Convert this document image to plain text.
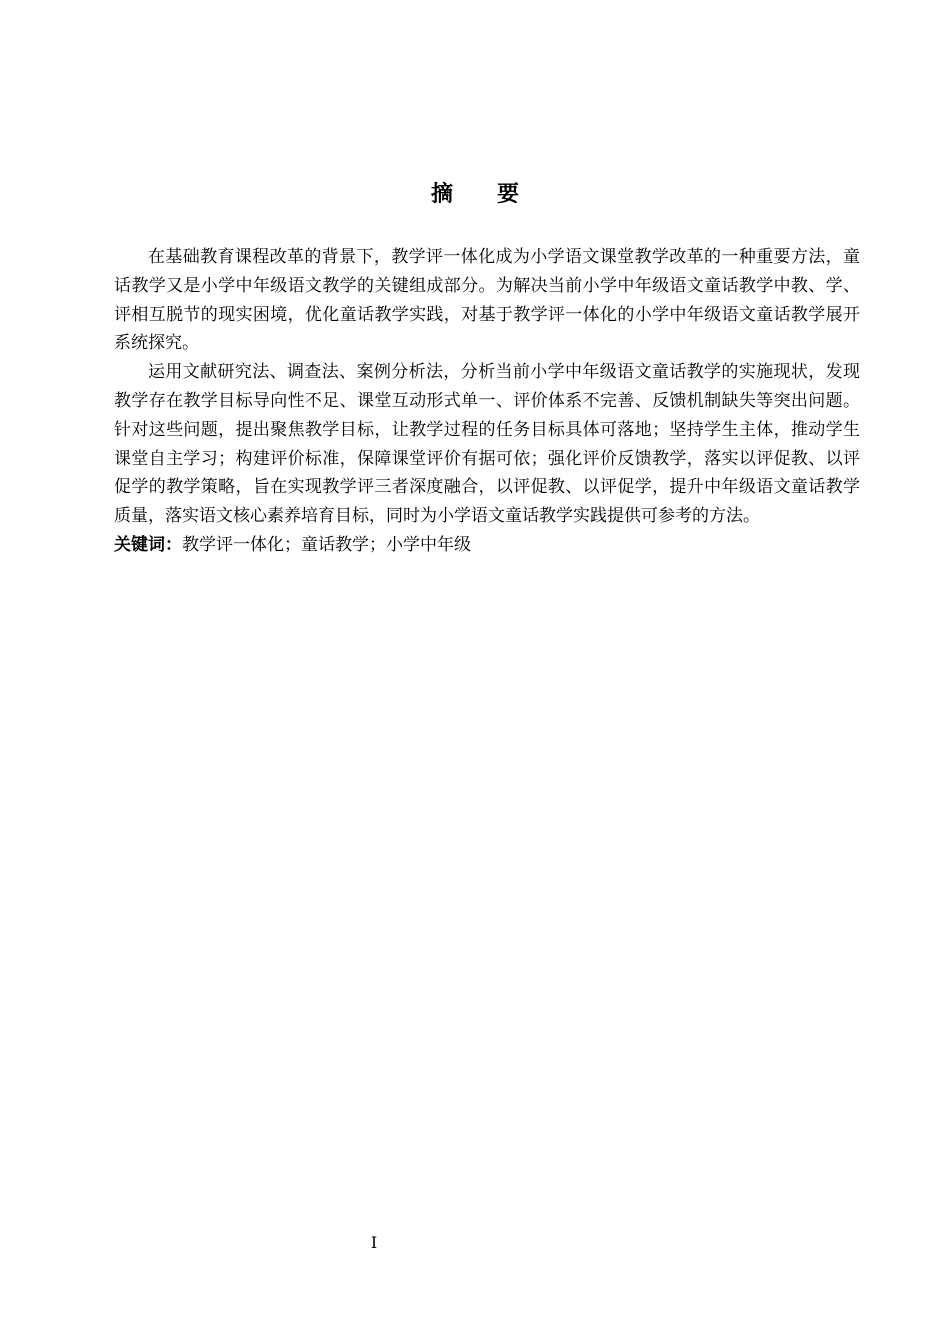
摘要

在基础教育课程改革的背景下，教学评一体化成为小学语文课堂教学改革的一种重要方法，童话教学又是小学中年级语文教学的关键组成部分。为解决当前小学中年级语文童话教学中教、学、评相互脱节的现实困境，优化童话教学实践，对基于教学评一体化的小学中年级语文童话教学展开系统探究。

运用文献研究法、调查法、案例分析法，分析当前小学中年级语文童话教学的实施现状，发现教学存在教学目标导向性不足、课堂互动形式单一、评价体系不完善、反馈机制缺失等突出问题。针对这些问题，提出聚焦教学目标，让教学过程的任务目标具体可落地；坚持学生主体，推动学生课堂自主学习；构建评价标准，保障课堂评价有据可依；强化评价反馈教学，落实以评促教、以评促学的教学策略，旨在实现教学评三者深度融合，以评促教、以评促学，提升中年级语文童话教学质量，落实语文核心素养培育目标，同时为小学语文童话教学实践提供可参考的方法。

关键词：教学评一体化；童话教学；小学中年级

I
